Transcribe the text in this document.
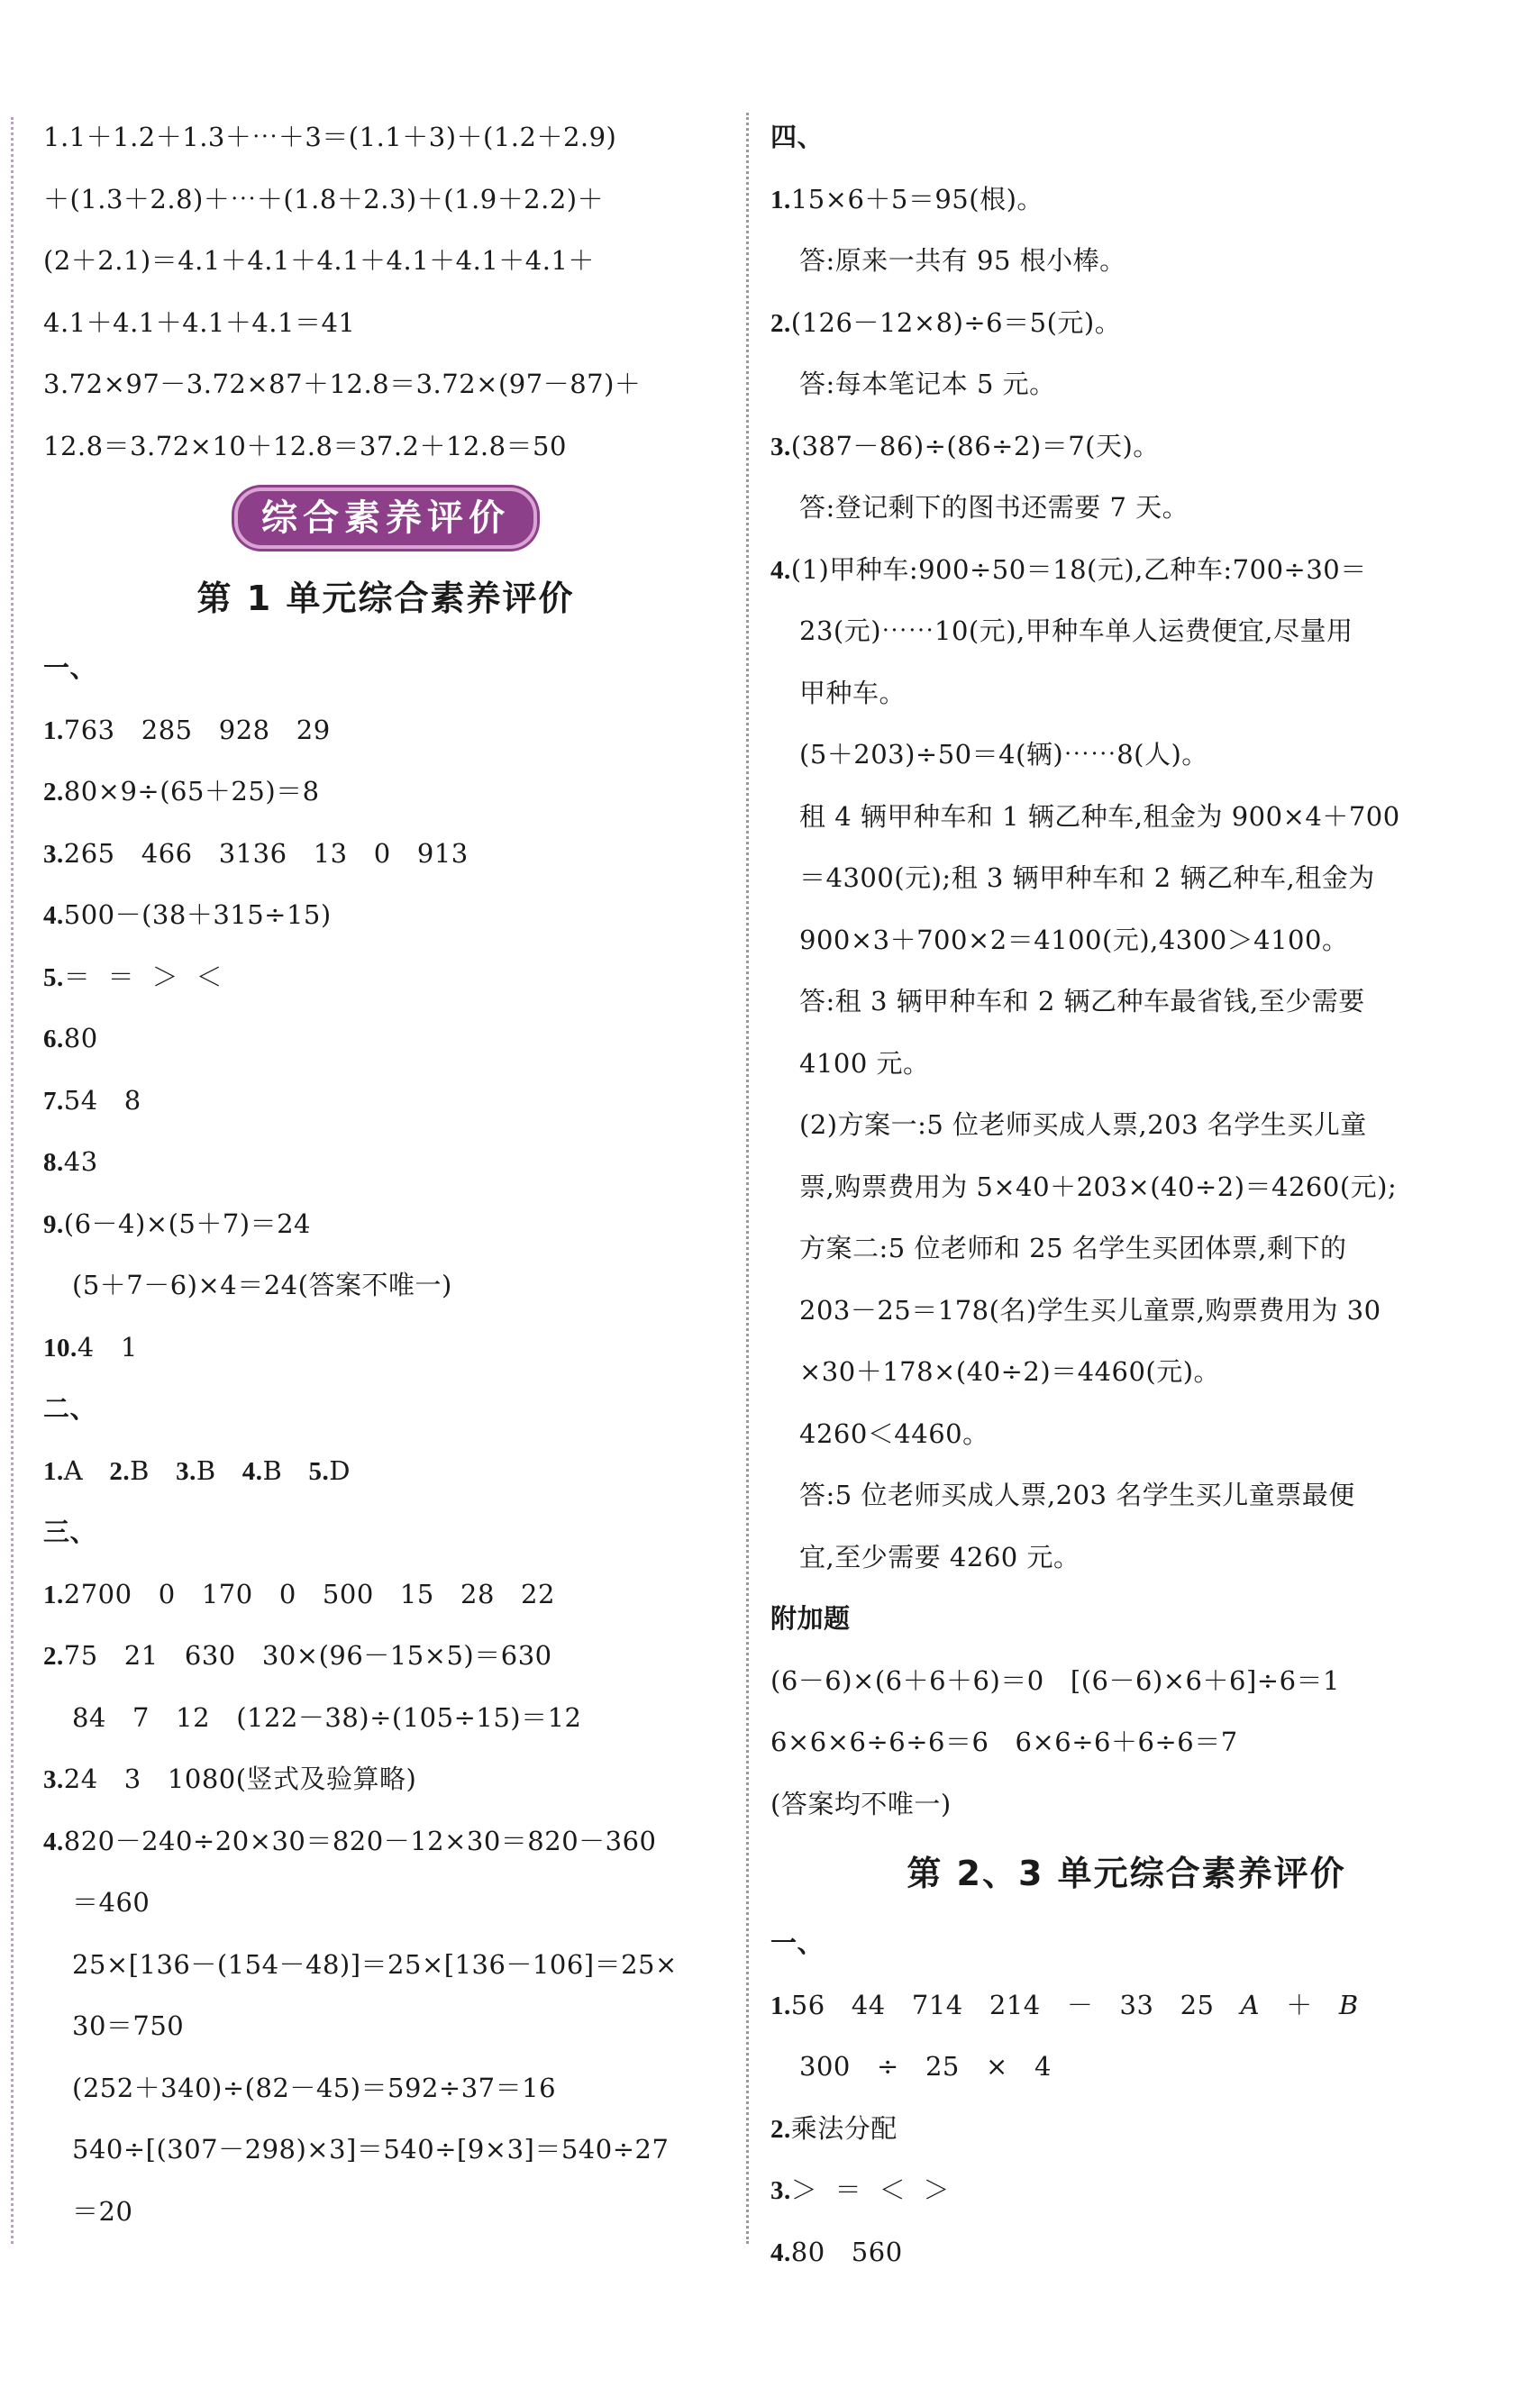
1.1＋1.2＋1.3＋⋯＋3＝(1.1＋3)＋(1.2＋2.9)
＋(1.3＋2.8)＋⋯＋(1.8＋2.3)＋(1.9＋2.2)＋
(2＋2.1)＝4.1＋4.1＋4.1＋4.1＋4.1＋4.1＋
4.1＋4.1＋4.1＋4.1＝41
3.72×97－3.72×87＋12.8＝3.72×(97－87)＋
12.8＝3.72×10＋12.8＝37.2＋12.8＝50
综合素养评价
第 1 单元综合素养评价
一、
1.763   285   928   29
2.80×9÷(65＋25)＝8
3.265   466   3136   13   0   913
4.500－(38＋315÷15)
5.＝  ＝  ＞  ＜
6.80
7.54   8
8.43
9.(6－4)×(5＋7)＝24
(5＋7－6)×4＝24(答案不唯一)
10.4   1
二、
1.A 2.B 3.B 4.B 5.D
三、
1.2700   0   170   0   500   15   28   22
2.75   21   630   30×(96－15×5)＝630
84   7   12   (122－38)÷(105÷15)＝12
3.24   3   1080(竖式及验算略)
4.820－240÷20×30＝820－12×30＝820－360
＝460
25×[136－(154－48)]＝25×[136－106]＝25×
30＝750
(252＋340)÷(82－45)＝592÷37＝16
540÷[(307－298)×3]＝540÷[9×3]＝540÷27
＝20
四、
1.15×6＋5＝95(根)。
答:原来一共有 95 根小棒。
2.(126－12×8)÷6＝5(元)。
答:每本笔记本 5 元。
3.(387－86)÷(86÷2)＝7(天)。
答:登记剩下的图书还需要 7 天。
4.(1)甲种车:900÷50＝18(元),乙种车:700÷30＝
23(元)⋯⋯10(元),甲种车单人运费便宜,尽量用
甲种车。
(5＋203)÷50＝4(辆)⋯⋯8(人)。
租 4 辆甲种车和 1 辆乙种车,租金为 900×4＋700
＝4300(元);租 3 辆甲种车和 2 辆乙种车,租金为
900×3＋700×2＝4100(元),4300＞4100。
答:租 3 辆甲种车和 2 辆乙种车最省钱,至少需要
4100 元。
(2)方案一:5 位老师买成人票,203 名学生买儿童
票,购票费用为 5×40＋203×(40÷2)＝4260(元);
方案二:5 位老师和 25 名学生买团体票,剩下的
203－25＝178(名)学生买儿童票,购票费用为 30
×30＋178×(40÷2)＝4460(元)。
4260＜4460。
答:5 位老师买成人票,203 名学生买儿童票最便
宜,至少需要 4260 元。
附加题
(6－6)×(6＋6＋6)＝0   [(6－6)×6＋6]÷6＝1
6×6×6÷6÷6＝6   6×6÷6＋6÷6＝7
(答案均不唯一)
第 2、3 单元综合素养评价
一、
1.56   44   714   214   －   33   25   A   ＋   B
300   ÷   25   ×   4
2.乘法分配
3.＞  ＝  ＜  ＞
4.80   560
